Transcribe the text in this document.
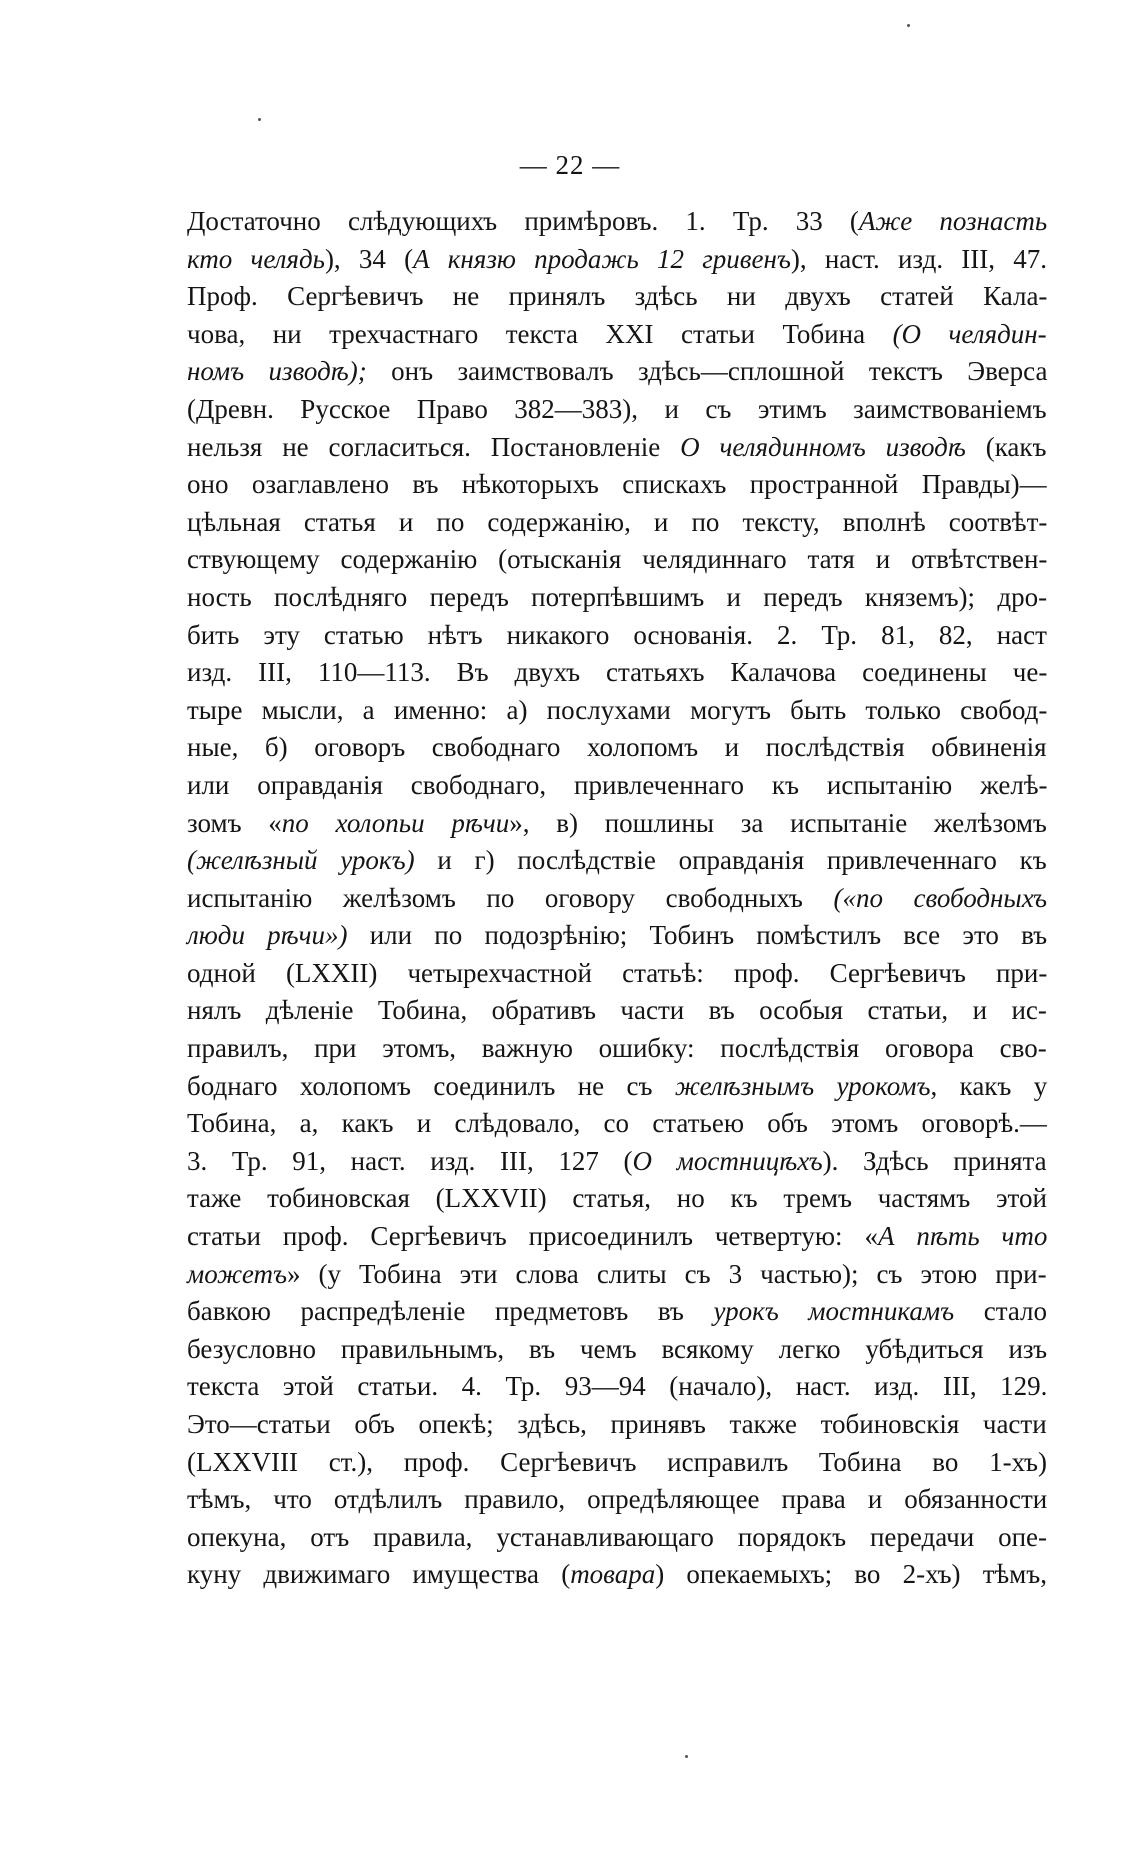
— 22 —
Достаточно слѣдующихъ примѣровъ. 1. Тр. 33 (Аже познасть
кто челядь), 34 (А князю продажь 12 гривенъ), наст. изд. III, 47.
Проф. Сергѣевичъ не принялъ здѣсь ни двухъ статей Кала-
чова, ни трехчастнаго текста XXI статьи Тобина (О челядин-
номъ изводѣ); онъ заимствовалъ здѣсь—сплошной текстъ Эверса
(Древн. Русское Право 382—383), и съ этимъ заимствованіемъ
нельзя не согласиться. Постановленіе О челядинномъ изводѣ (какъ
оно озаглавлено въ нѣкоторыхъ спискахъ пространной Правды)—
цѣльная статья и по содержанію, и по тексту, вполнѣ соотвѣт-
ствующему содержанію (отысканія челядиннаго татя и отвѣтствен-
ность послѣдняго передъ потерпѣвшимъ и передъ княземъ); дро-
бить эту статью нѣтъ никакого основанія. 2. Тр. 81, 82, наст
изд. III, 110—113. Въ двухъ статьяхъ Калачова соединены че-
тыре мысли, а именно: а) послухами могутъ быть только свобод-
ные, б) оговоръ свободнаго холопомъ и послѣдствія обвиненія
или оправданія свободнаго, привлеченнаго къ испытанію желѣ-
зомъ «по холопьи рѣчи», в) пошлины за испытаніе желѣзомъ
(желѣзный урокъ) и г) послѣдствіе оправданія привлеченнаго къ
испытанію желѣзомъ по оговору свободныхъ («по свободныхъ
люди рѣчи») или по подозрѣнію; Тобинъ помѣстилъ все это въ
одной (LXXII) четырехчастной статьѣ: проф. Сергѣевичъ при-
нялъ дѣленіе Тобина, обративъ части въ особыя статьи, и ис-
правилъ, при этомъ, важную ошибку: послѣдствія оговора сво-
боднаго холопомъ соединилъ не съ желѣзнымъ урокомъ, какъ у
Тобина, а, какъ и слѣдовало, со статьею объ этомъ оговорѣ.—
3. Тр. 91, наст. изд. III, 127 (О мостницѣхъ). Здѣсь принята
таже тобиновская (LXXVII) статья, но къ тремъ частямъ этой
статьи проф. Сергѣевичъ присоединилъ четвертую: «А пѣть что
можетъ» (у Тобина эти слова слиты съ 3 частью); съ этою при-
бавкою распредѣленіе предметовъ въ урокъ мостникамъ стало
безусловно правильнымъ, въ чемъ всякому легко убѣдиться изъ
текста этой статьи. 4. Тр. 93—94 (начало), наст. изд. III, 129.
Это—статьи объ опекѣ; здѣсь, принявъ также тобиновскія части
(LXXVIII ст.), проф. Сергѣевичъ исправилъ Тобина во 1-хъ)
тѣмъ, что отдѣлилъ правило, опредѣляющее права и обязанности
опекуна, отъ правила, устанавливающаго порядокъ передачи опе-
куну движимаго имущества (товара) опекаемыхъ; во 2-хъ) тѣмъ,
